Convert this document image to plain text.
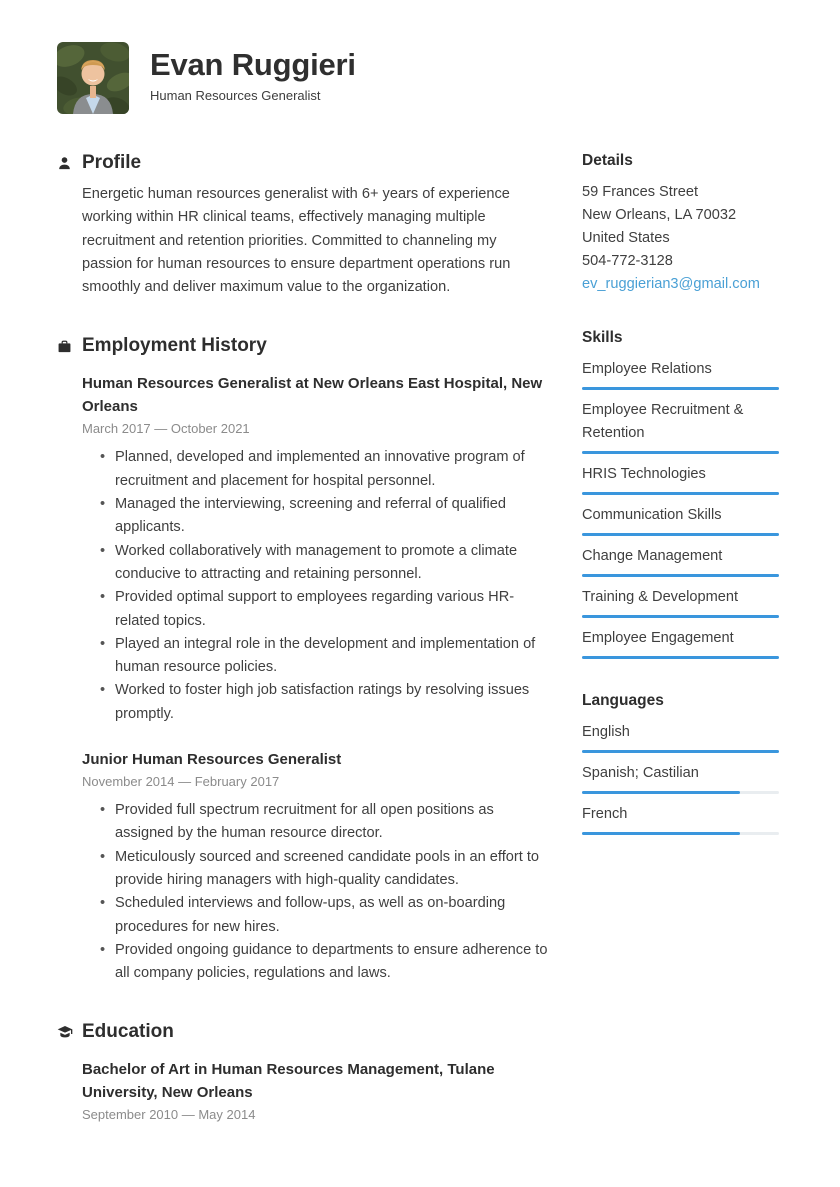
Evan Ruggieri
Human Resources Generalist
Profile

Energetic human resources generalist with 6+ years of experience working within HR clinical teams, effectively managing multiple recruitment and retention priorities. Committed to channeling my passion for human resources to ensure department operations run smoothly and deliver maximum value to the organization.

Employment History
Human Resources Generalist at New Orleans East Hospital, New Orleans
March 2017 — October 2021
• Planned, developed and implemented an innovative program of recruitment and placement for hospital personnel.
• Managed the interviewing, screening and referral of qualified applicants.
• Worked collaboratively with management to promote a climate conducive to attracting and retaining personnel.
• Provided optimal support to employees regarding various HR-related topics.
• Played an integral role in the development and implementation of human resource policies.
• Worked to foster high job satisfaction ratings by resolving issues promptly.
Junior Human Resources Generalist
November 2014 — February 2017
• Provided full spectrum recruitment for all open positions as assigned by the human resource director.
• Meticulously sourced and screened candidate pools in an effort to provide hiring managers with high-quality candidates.
• Scheduled interviews and follow-ups, as well as on-boarding procedures for new hires.
• Provided ongoing guidance to departments to ensure adherence to all company policies, regulations and laws.
Education
Bachelor of Art in Human Resources Management, Tulane University, New Orleans
September 2010 — May 2014
Details
59 Frances Street
New Orleans, LA 70032
United States
504-772-3128
ev_ruggierian3@gmail.com
Skills
Employee Relations
Employee Recruitment & Retention
HRIS Technologies
Communication Skills
Change Management
Training & Development
Employee Engagement
Languages
English
Spanish; Castilian
French
